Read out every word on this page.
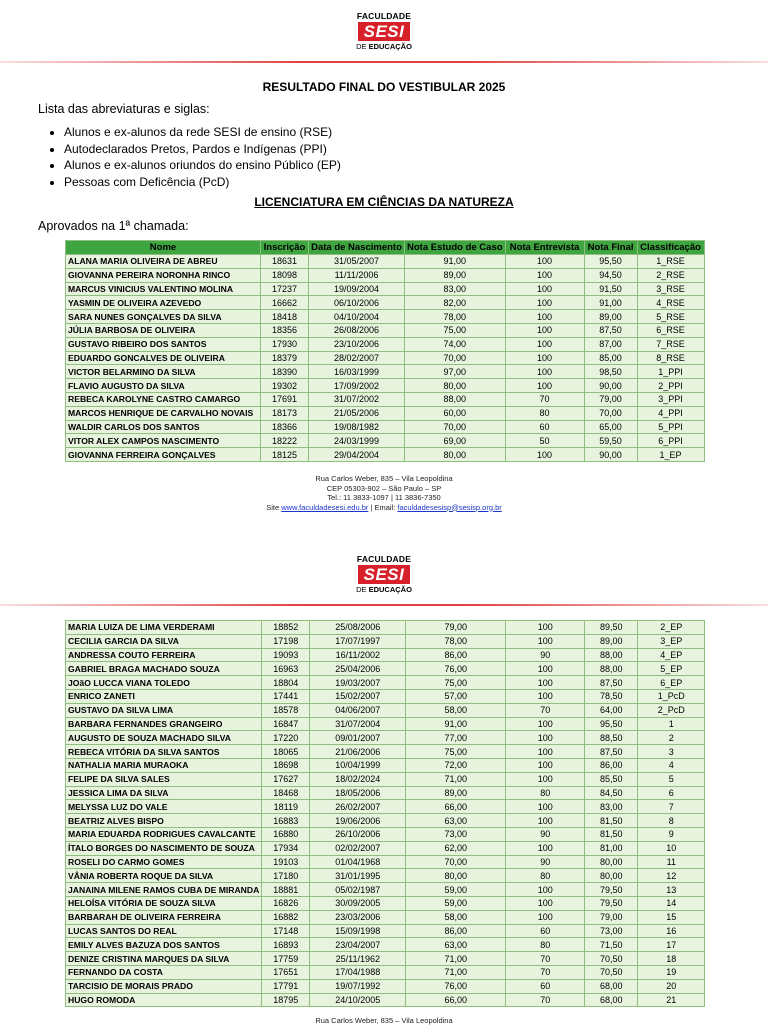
FACULDADE
SESI
DE EDUCAÇÃO
RESULTADO FINAL DO VESTIBULAR 2025
Lista das abreviaturas e siglas:
• Alunos e ex-alunos da rede SESI de ensino (RSE)
• Autodeclarados Pretos, Pardos e Indígenas (PPI)
• Alunos e ex-alunos oriundos do ensino Público (EP)
• Pessoas com Deficência (PcD)
LICENCIATURA EM CIÊNCIAS DA NATUREZA
Aprovados na 1ª chamada:
Nome	Inscrição	Data de Nascimento	Nota Estudo de Caso	Nota Entrevista	Nota Final	Classificação
ALANA MARIA OLIVEIRA DE ABREU	18631	31/05/2007	91,00	100	95,50	1_RSE
GIOVANNA PEREIRA NORONHA RINCO	18098	11/11/2006	89,00	100	94,50	2_RSE
MARCUS VINICIUS VALENTINO MOLINA	17237	19/09/2004	83,00	100	91,50	3_RSE
YASMIN DE OLIVEIRA AZEVEDO	16662	06/10/2006	82,00	100	91,00	4_RSE
SARA NUNES GONÇALVES DA SILVA	18418	04/10/2004	78,00	100	89,00	5_RSE
JÚLIA BARBOSA DE OLIVEIRA	18356	26/08/2006	75,00	100	87,50	6_RSE
GUSTAVO RIBEIRO DOS SANTOS	17930	23/10/2006	74,00	100	87,00	7_RSE
EDUARDO GONCALVES DE OLIVEIRA	18379	28/02/2007	70,00	100	85,00	8_RSE
VICTOR BELARMINO DA SILVA	18390	16/03/1999	97,00	100	98,50	1_PPI
FLAVIO AUGUSTO DA SILVA	19302	17/09/2002	80,00	100	90,00	2_PPI
REBECA KAROLYNE CASTRO CAMARGO	17691	31/07/2002	88,00	70	79,00	3_PPI
MARCOS HENRIQUE DE CARVALHO NOVAIS	18173	21/05/2006	60,00	80	70,00	4_PPI
WALDIR CARLOS DOS SANTOS	18366	19/08/1982	70,00	60	65,00	5_PPI
VITOR ALEX CAMPOS NASCIMENTO	18222	24/03/1999	69,00	50	59,50	6_PPI
GIOVANNA FERREIRA GONÇALVES	18125	29/04/2004	80,00	100	90,00	1_EP
Rua Carlos Weber, 835 – Vila Leopoldina
CEP 05303-902 – São Paulo – SP
Tel.: 11 3833-1097 | 11 3836-7350
Site www.faculdadesesi.edu.br | Email: faculdadesesisp@sesisp.org.br
FACULDADE
SESI
DE EDUCAÇÃO
MARIA LUIZA DE LIMA VERDERAMI	18852	25/08/2006	79,00	100	89,50	2_EP
CECILIA GARCIA DA SILVA	17198	17/07/1997	78,00	100	89,00	3_EP
ANDRESSA COUTO FERREIRA	19093	16/11/2002	86,00	90	88,00	4_EP
GABRIEL BRAGA MACHADO SOUZA	16963	25/04/2006	76,00	100	88,00	5_EP
JOãO LUCCA VIANA TOLEDO	18804	19/03/2007	75,00	100	87,50	6_EP
ENRICO ZANETI	17441	15/02/2007	57,00	100	78,50	1_PcD
GUSTAVO DA SILVA LIMA	18578	04/06/2007	58,00	70	64,00	2_PcD
BARBARA FERNANDES GRANGEIRO	16847	31/07/2004	91,00	100	95,50	1
AUGUSTO DE SOUZA MACHADO SILVA	17220	09/01/2007	77,00	100	88,50	2
REBECA VITÓRIA DA SILVA SANTOS	18065	21/06/2006	75,00	100	87,50	3
NATHALIA MARIA MURAOKA	18698	10/04/1999	72,00	100	86,00	4
FELIPE DA SILVA SALES	17627	18/02/2024	71,00	100	85,50	5
JESSICA LIMA DA SILVA	18468	18/05/2006	89,00	80	84,50	6
MELYSSA LUZ DO VALE	18119	26/02/2007	66,00	100	83,00	7
BEATRIZ ALVES BISPO	16883	19/06/2006	63,00	100	81,50	8
MARIA EDUARDA RODRIGUES CAVALCANTE	16880	26/10/2006	73,00	90	81,50	9
ÍTALO BORGES DO NASCIMENTO DE SOUZA	17934	02/02/2007	62,00	100	81,00	10
ROSELI DO CARMO GOMES	19103	01/04/1968	70,00	90	80,00	11
VÂNIA ROBERTA ROQUE DA SILVA	17180	31/01/1995	80,00	80	80,00	12
JANAINA MILENE RAMOS CUBA DE MIRANDA	18881	05/02/1987	59,00	100	79,50	13
HELOÍSA VITÓRIA DE SOUZA SILVA	16826	30/09/2005	59,00	100	79,50	14
BARBARAH DE OLIVEIRA FERREIRA	16882	23/03/2006	58,00	100	79,00	15
LUCAS SANTOS DO REAL	17148	15/09/1998	86,00	60	73,00	16
EMILY ALVES BAZUZA DOS SANTOS	16893	23/04/2007	63,00	80	71,50	17
DENIZE CRISTINA MARQUES DA SILVA	17759	25/11/1962	71,00	70	70,50	18
FERNANDO DA COSTA	17651	17/04/1988	71,00	70	70,50	19
TARCISIO DE MORAIS PRADO	17791	19/07/1992	76,00	60	68,00	20
HUGO ROMODA	18795	24/10/2005	66,00	70	68,00	21
Rua Carlos Weber, 835 – Vila Leopoldina
